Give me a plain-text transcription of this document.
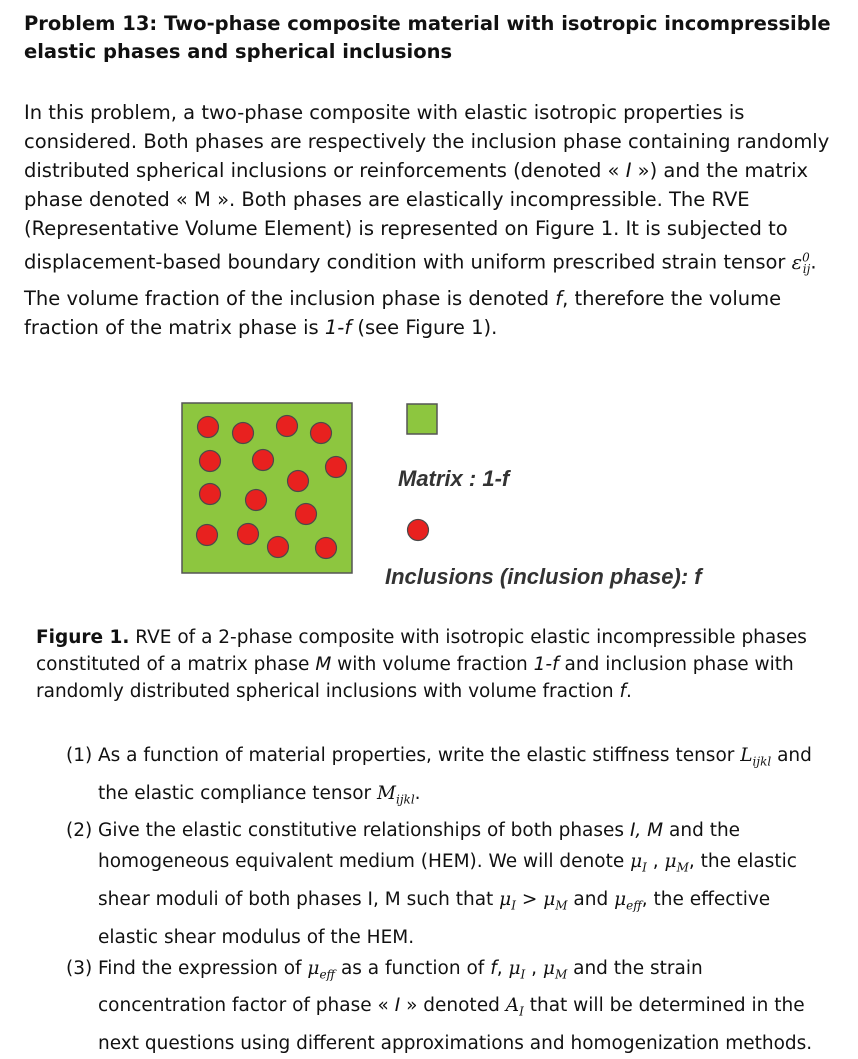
Problem 13: Two-phase composite material with isotropic incompressible elastic phases and spherical inclusions
In this problem, a two-phase composite with elastic isotropic properties is considered. Both phases are respectively the inclusion phase containing randomly distributed spherical inclusions or reinforcements (denoted « I ») and the matrix phase denoted « M ». Both phases are elastically incompressible. The RVE (Representative Volume Element) is represented on Figure 1. It is subjected to displacement-based boundary condition with uniform prescribed strain tensor $\varepsilon^0_{ij}$. The volume fraction of the inclusion phase is denoted f, therefore the volume fraction of the matrix phase is 1-f (see Figure 1).
Matrix : 1-f
Inclusions (inclusion phase): f
Figure 1. RVE of a 2-phase composite with isotropic elastic incompressible phases constituted of a matrix phase M with volume fraction 1-f and inclusion phase with randomly distributed spherical inclusions with volume fraction f.
(1) As a function of material properties, write the elastic stiffness tensor $L_{ijkl}$ and the elastic compliance tensor $M_{ijkl}$.
(2) Give the elastic constitutive relationships of both phases I, M and the homogeneous equivalent medium (HEM). We will denote $\mu_I$ , $\mu_M$, the elastic shear moduli of both phases I, M such that $\mu_I > \mu_M$ and $\mu_{eff}$, the effective elastic shear modulus of the HEM.
(3) Find the expression of $\mu_{eff}$ as a function of f, $\mu_I$ , $\mu_M$ and the strain concentration factor of phase « I » denoted $A_I$ that will be determined in the next questions using different approximations and homogenization methods.
